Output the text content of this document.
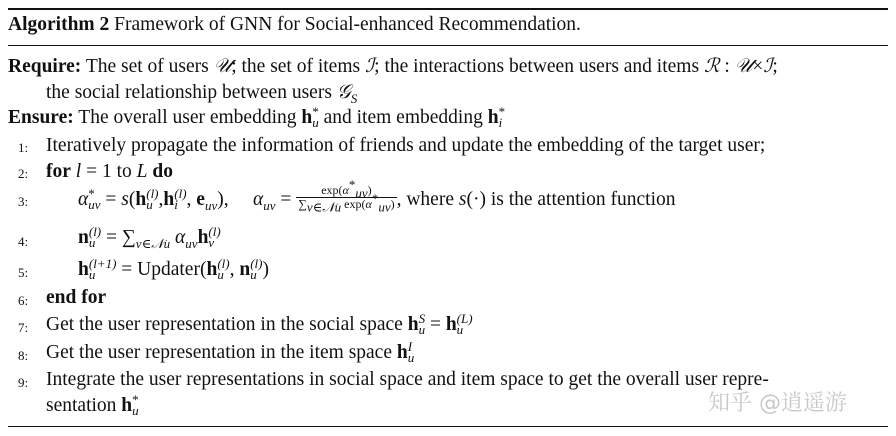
Algorithm 2 Framework of GNN for Social-enhanced Recommendation.
Require: The set of users 𝒰; the set of items ℐ; the interactions between users and items ℛ : 𝒰×ℐ;
the social relationship between users 𝒢$_S$
Ensure: The overall user embedding h *
u and item embedding h *
i
1: Iteratively propagate the information of friends and update the embedding of the target user;
2: for l = 1 to L do
3:	α *
uv = s(h (l)
u ,h (l)
i , $e_{uv}$),     $\alpha_{uv} = \frac{\exp(\alpha^*_{uv})}{\sum_{v\in 𝒩u} \exp(\alpha^*_{uv})}$ , where s(·) is the attention function
4:	n (l)
$u = \sum_{v\in 𝒩u}$ $\alpha_{uv}h$ (l)
v
5:	h (l+1)
u	= Updater(h (l)
u , n (l)
u )
6: end for
7: Get the user representation in the social space h S
u = h (L)
u
8: Get the user representation in the item space h I
u
9: Integrate the user representations in social space and item space to get the overall user repre-
sentation h *
u	知乎 @逍遥游
